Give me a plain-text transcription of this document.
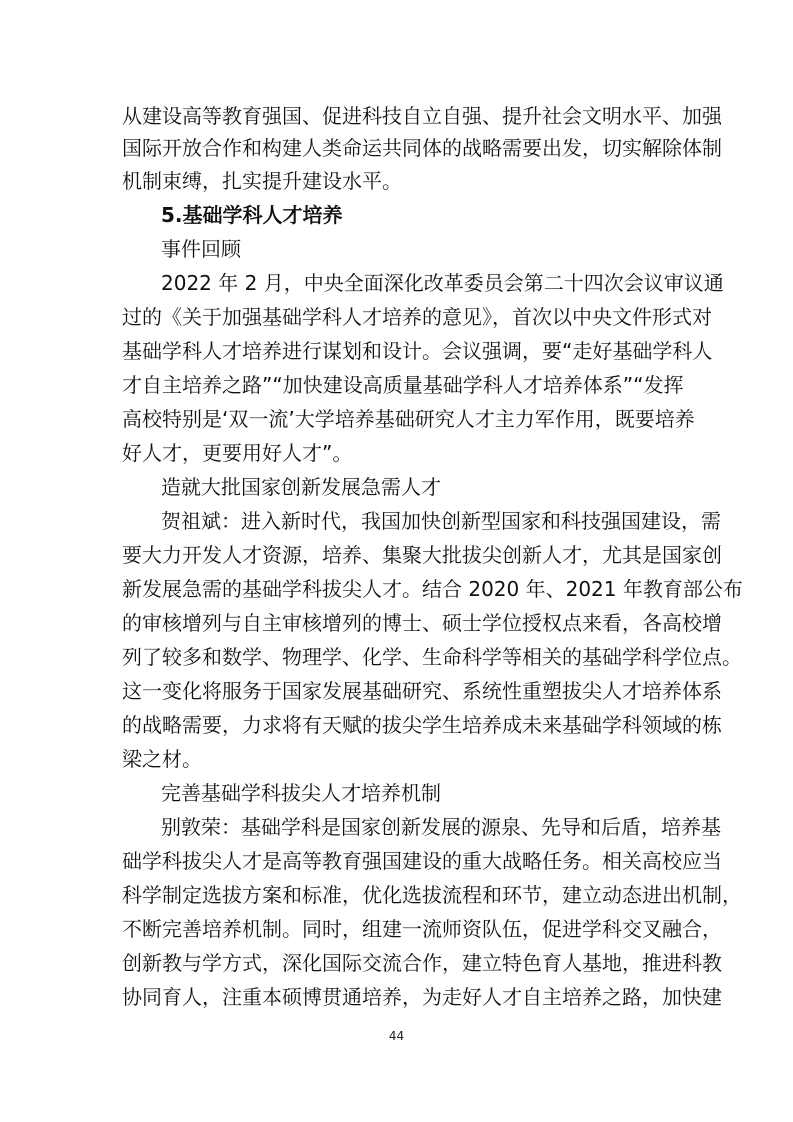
从建设高等教育强国、促进科技自立自强、提升社会文明水平、加强
国际开放合作和构建人类命运共同体的战略需要出发，切实解除体制
机制束缚，扎实提升建设水平。
5.基础学科人才培养
事件回顾
2022 年 2 月，中央全面深化改革委员会第二十四次会议审议通
过的《关于加强基础学科人才培养的意见》，首次以中央文件形式对
基础学科人才培养进行谋划和设计。会议强调，要“走好基础学科人
才自主培养之路”“加快建设高质量基础学科人才培养体系”“发挥
高校特别是‘双一流’大学培养基础研究人才主力军作用，既要培养
好人才，更要用好人才”。
造就大批国家创新发展急需人才
贺祖斌：进入新时代，我国加快创新型国家和科技强国建设，需
要大力开发人才资源，培养、集聚大批拔尖创新人才，尤其是国家创
新发展急需的基础学科拔尖人才。结合 2020 年、2021 年教育部公布
的审核增列与自主审核增列的博士、硕士学位授权点来看，各高校增
列了较多和数学、物理学、化学、生命科学等相关的基础学科学位点。
这一变化将服务于国家发展基础研究、系统性重塑拔尖人才培养体系
的战略需要，力求将有天赋的拔尖学生培养成未来基础学科领域的栋
梁之材。
完善基础学科拔尖人才培养机制
别敦荣：基础学科是国家创新发展的源泉、先导和后盾，培养基
础学科拔尖人才是高等教育强国建设的重大战略任务。相关高校应当
科学制定选拔方案和标准，优化选拔流程和环节，建立动态进出机制，
不断完善培养机制。同时，组建一流师资队伍，促进学科交叉融合，
创新教与学方式，深化国际交流合作，建立特色育人基地，推进科教
协同育人，注重本硕博贯通培养，为走好人才自主培养之路，加快建
44
